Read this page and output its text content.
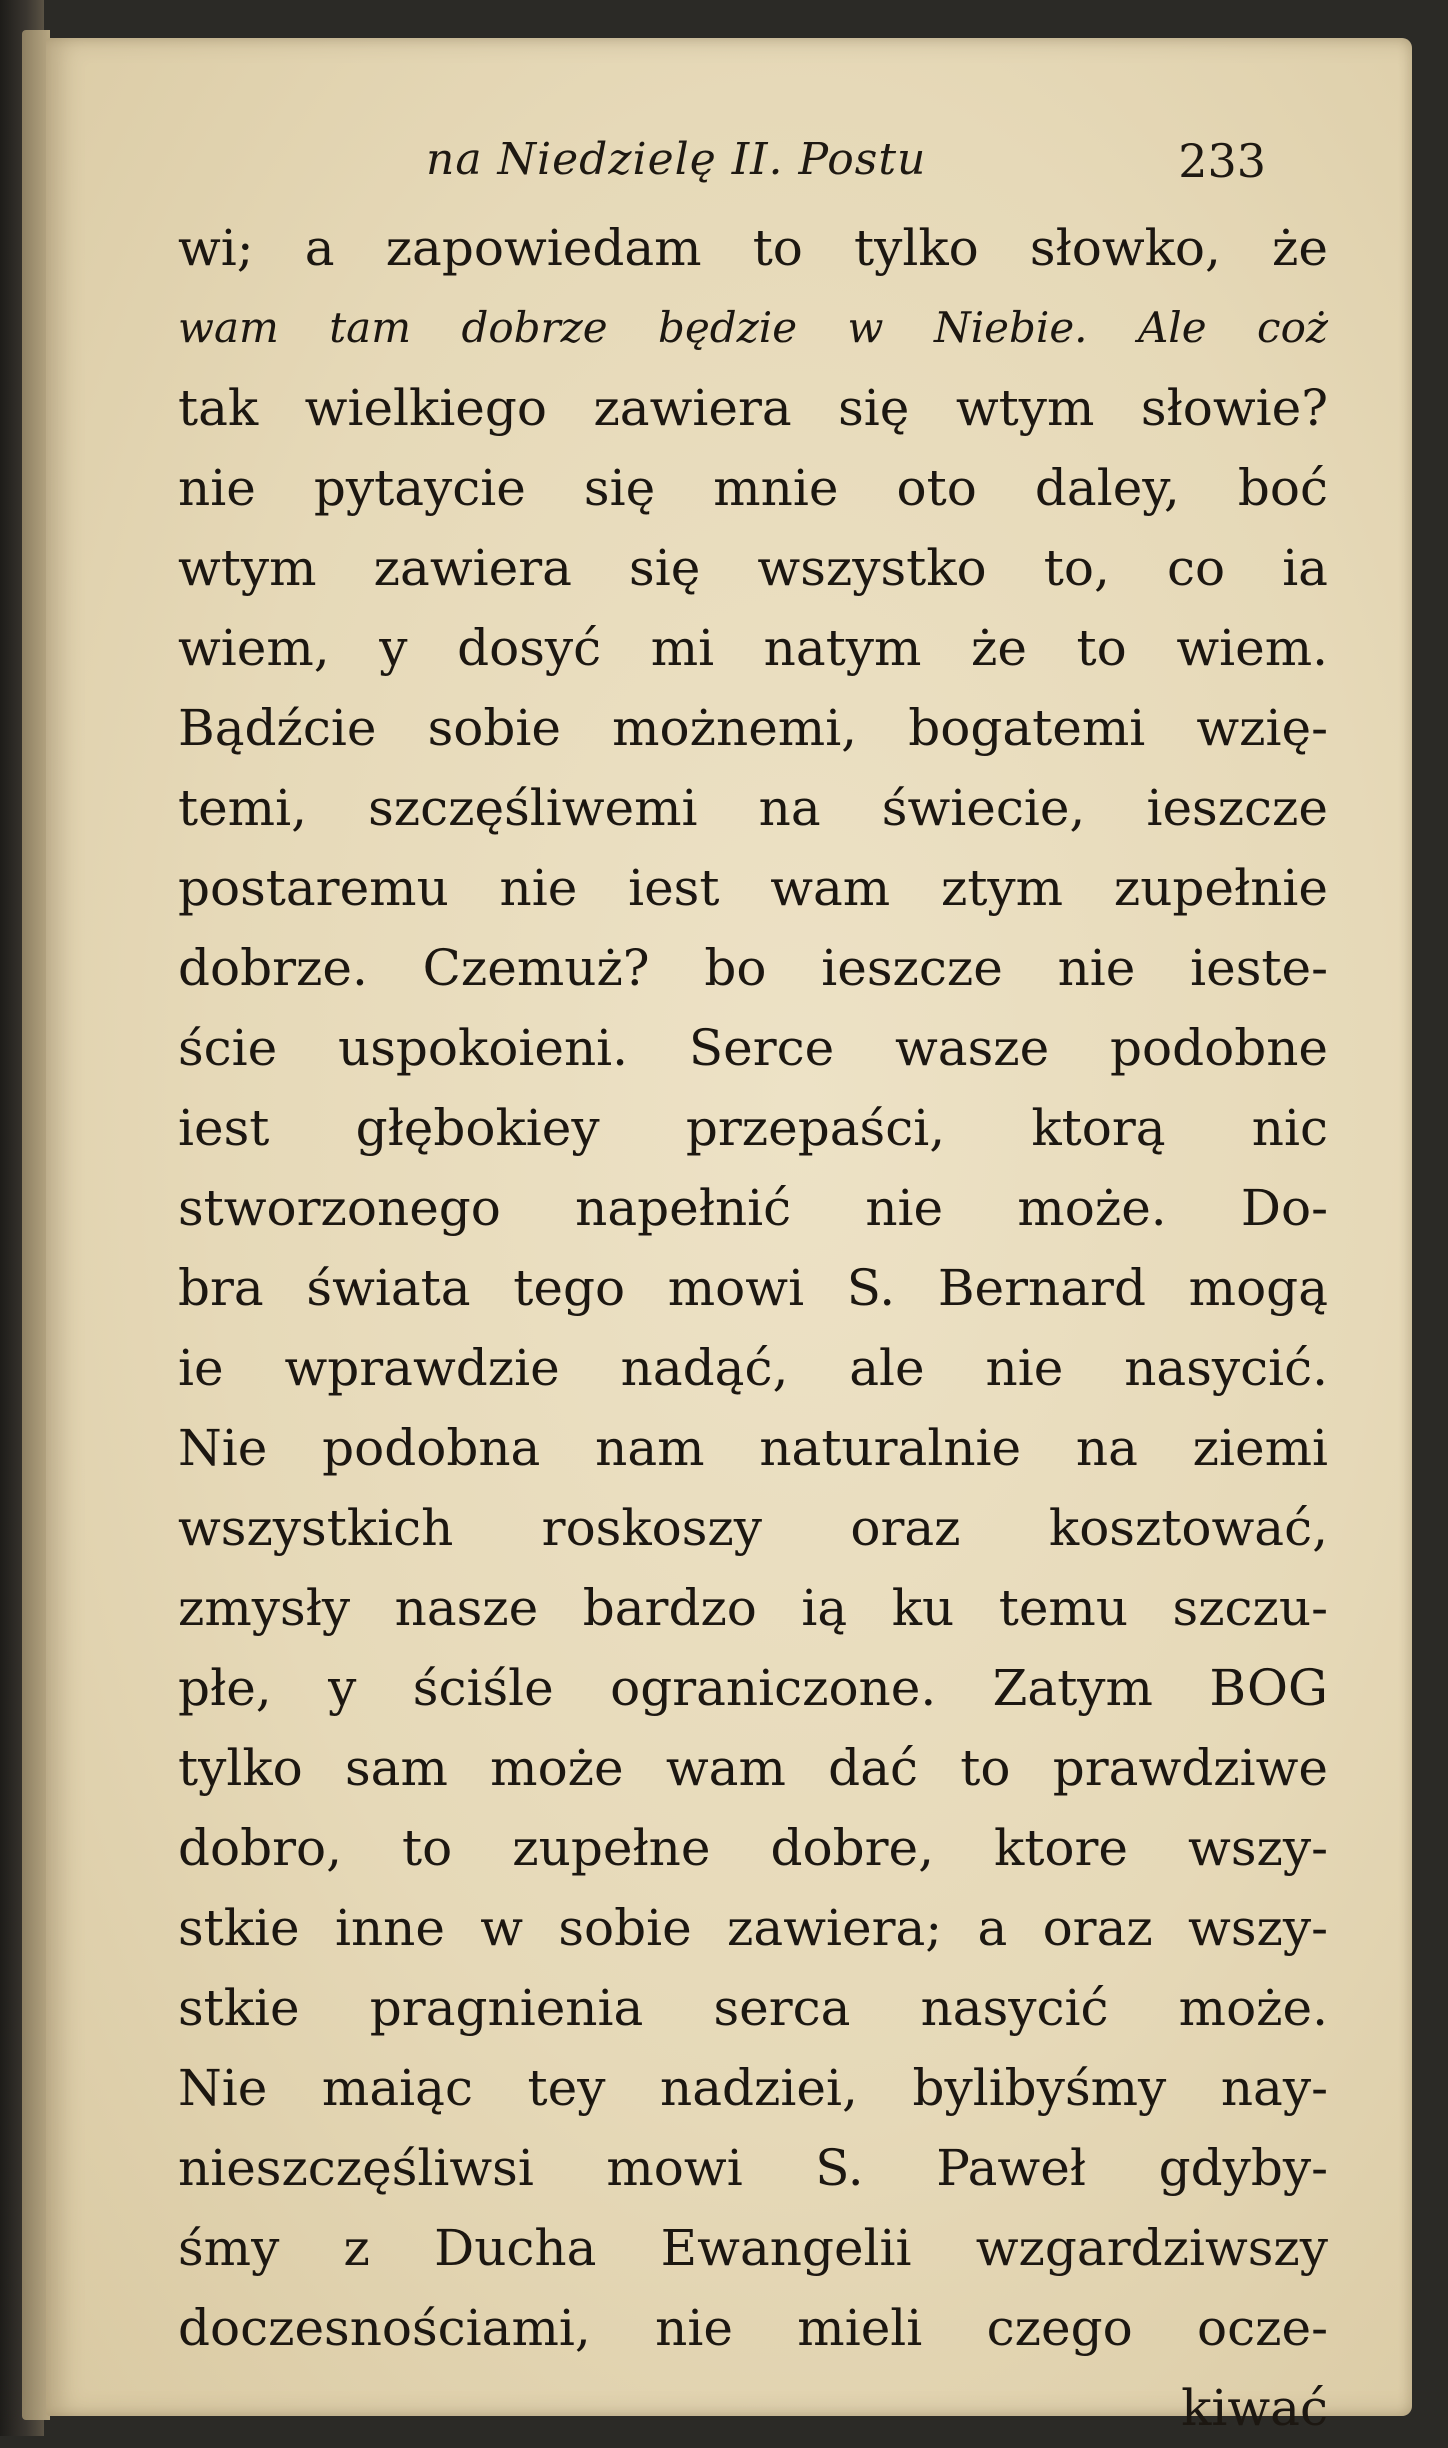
na Niedzielę II. Postu	233
wi; a zapowiedam to tylko słowko, że
wam tam dobrze będzie w Niebie. Ale coż
tak wielkiego zawiera się wtym słowie?
nie pytaycie się mnie oto daley, boć
wtym zawiera się wszystko to, co ia
wiem, y dosyć mi natym że to wiem.
Bądźcie sobie możnemi, bogatemi wzię-
temi, szczęśliwemi na świecie, ieszcze
postaremu nie iest wam ztym zupełnie
dobrze. Czemuż? bo ieszcze nie ieste-
ście uspokoieni. Serce wasze podobne
iest głębokiey przepaści, ktorą nic
stworzonego napełnić nie może. Do-
bra świata tego mowi S. Bernard mogą
ie wprawdzie nadąć, ale nie nasycić.
Nie podobna nam naturalnie na ziemi
wszystkich roskoszy oraz kosztować,
zmysły nasze bardzo ią ku temu szczu-
płe, y ściśle ograniczone. Zatym BOG
tylko sam może wam dać to prawdziwe
dobro, to zupełne dobre, ktore wszy-
stkie inne w sobie zawiera; a oraz wszy-
stkie pragnienia serca nasycić może.
Nie maiąc tey nadziei, bylibyśmy nay-
nieszczęśliwsi mowi S. Paweł gdyby-
śmy z Ducha Ewangelii wzgardziwszy
doczesnościami, nie mieli czego ocze-
kiwać
